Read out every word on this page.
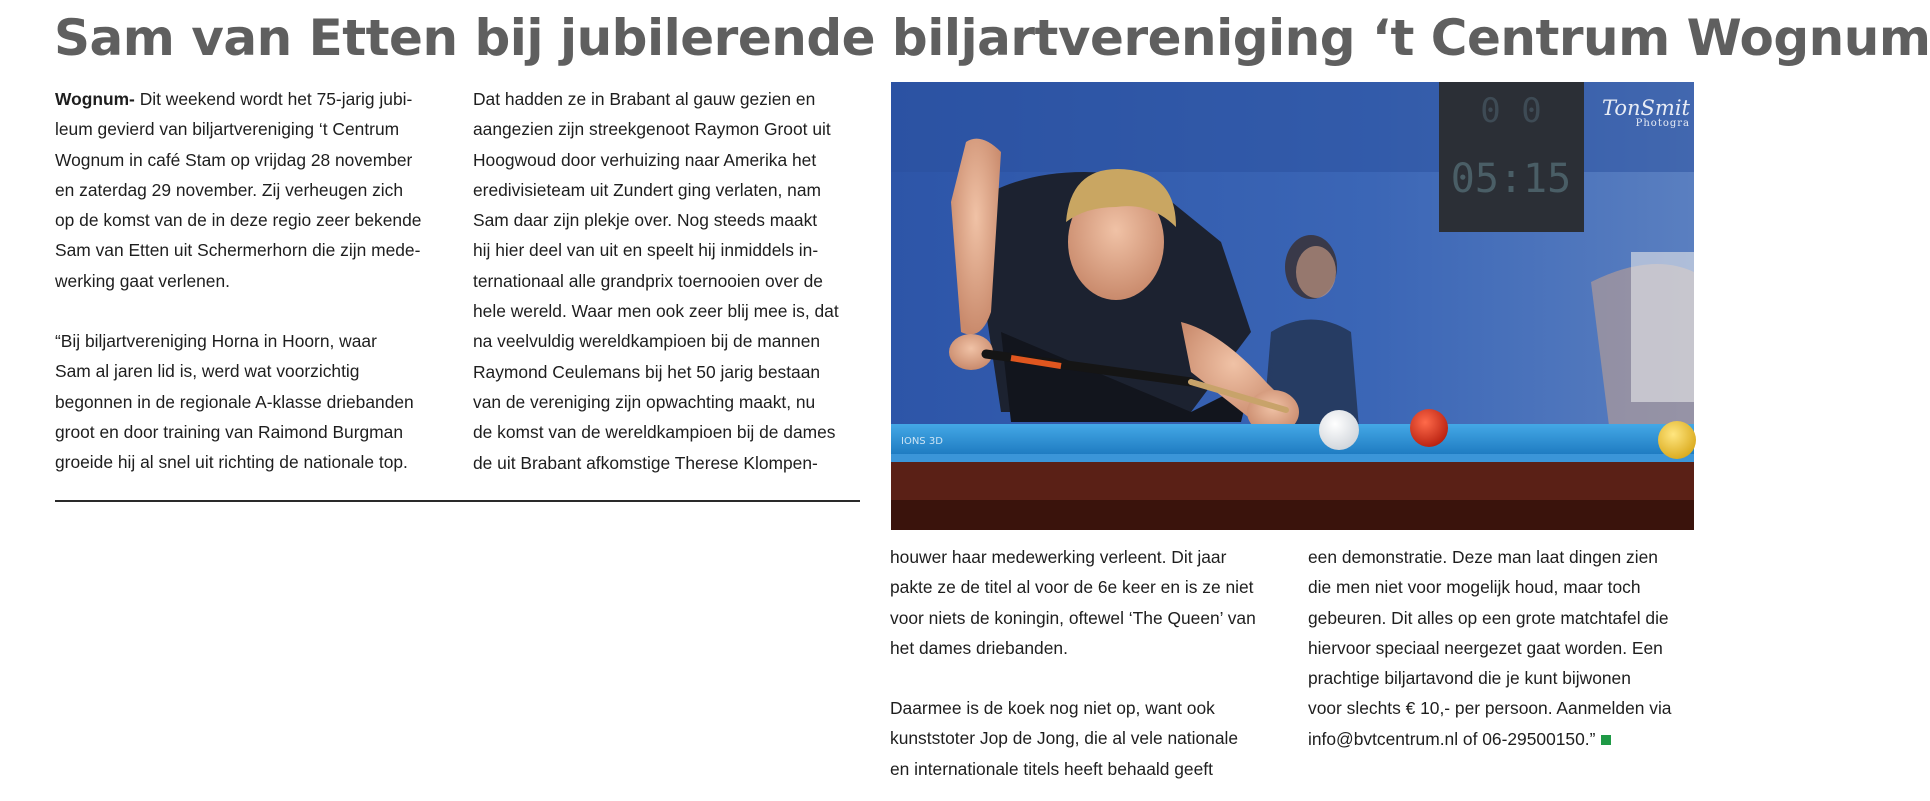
Sam van Etten bij jubilerende biljartvereniging ‘t Centrum Wognum

Wognum- Dit weekend wordt het 75-jarig jubi-
leum gevierd van biljartvereniging ‘t Centrum
Wognum in café Stam op vrijdag 28 november
en zaterdag 29 november. Zij verheugen zich
op de komst van de in deze regio zeer bekende
Sam van Etten uit Schermerhorn die zijn mede-
werking gaat verlenen.

“Bij biljartvereniging Horna in Hoorn, waar
Sam al jaren lid is, werd wat voorzichtig
begonnen in de regionale A-klasse driebanden
groot en door training van Raimond Burgman
groeide hij al snel uit richting de nationale top.

Dat hadden ze in Brabant al gauw gezien en
aangezien zijn streekgenoot Raymon Groot uit
Hoogwoud door verhuizing naar Amerika het
eredivisieteam uit Zundert ging verlaten, nam
Sam daar zijn plekje over. Nog steeds maakt
hij hier deel van uit en speelt hij inmiddels in-
ternationaal alle grandprix toernooien over de
hele wereld. Waar men ook zeer blij mee is, dat
na veelvuldig wereldkampioen bij de mannen
Raymond Ceulemans bij het 50 jarig bestaan
van de vereniging zijn opwachting maakt, nu
de komst van de wereldkampioen bij de dames
de uit Brabant afkomstige Therese Klompen-

0 0
05:15
IONS 3D
TonSmit
Photogra

houwer haar medewerking verleent. Dit jaar
pakte ze de titel al voor de 6e keer en is ze niet
voor niets de koningin, oftewel ‘The Queen’ van
het dames driebanden.

Daarmee is de koek nog niet op, want ook
kunststoter Jop de Jong, die al vele nationale
en internationale titels heeft behaald geeft

een demonstratie. Deze man laat dingen zien
die men niet voor mogelijk houd, maar toch
gebeuren. Dit alles op een grote matchtafel die
hiervoor speciaal neergezet gaat worden. Een
prachtige biljartavond die je kunt bijwonen
voor slechts € 10,- per persoon. Aanmelden via
info@bvtcentrum.nl of 06-29500150.”
